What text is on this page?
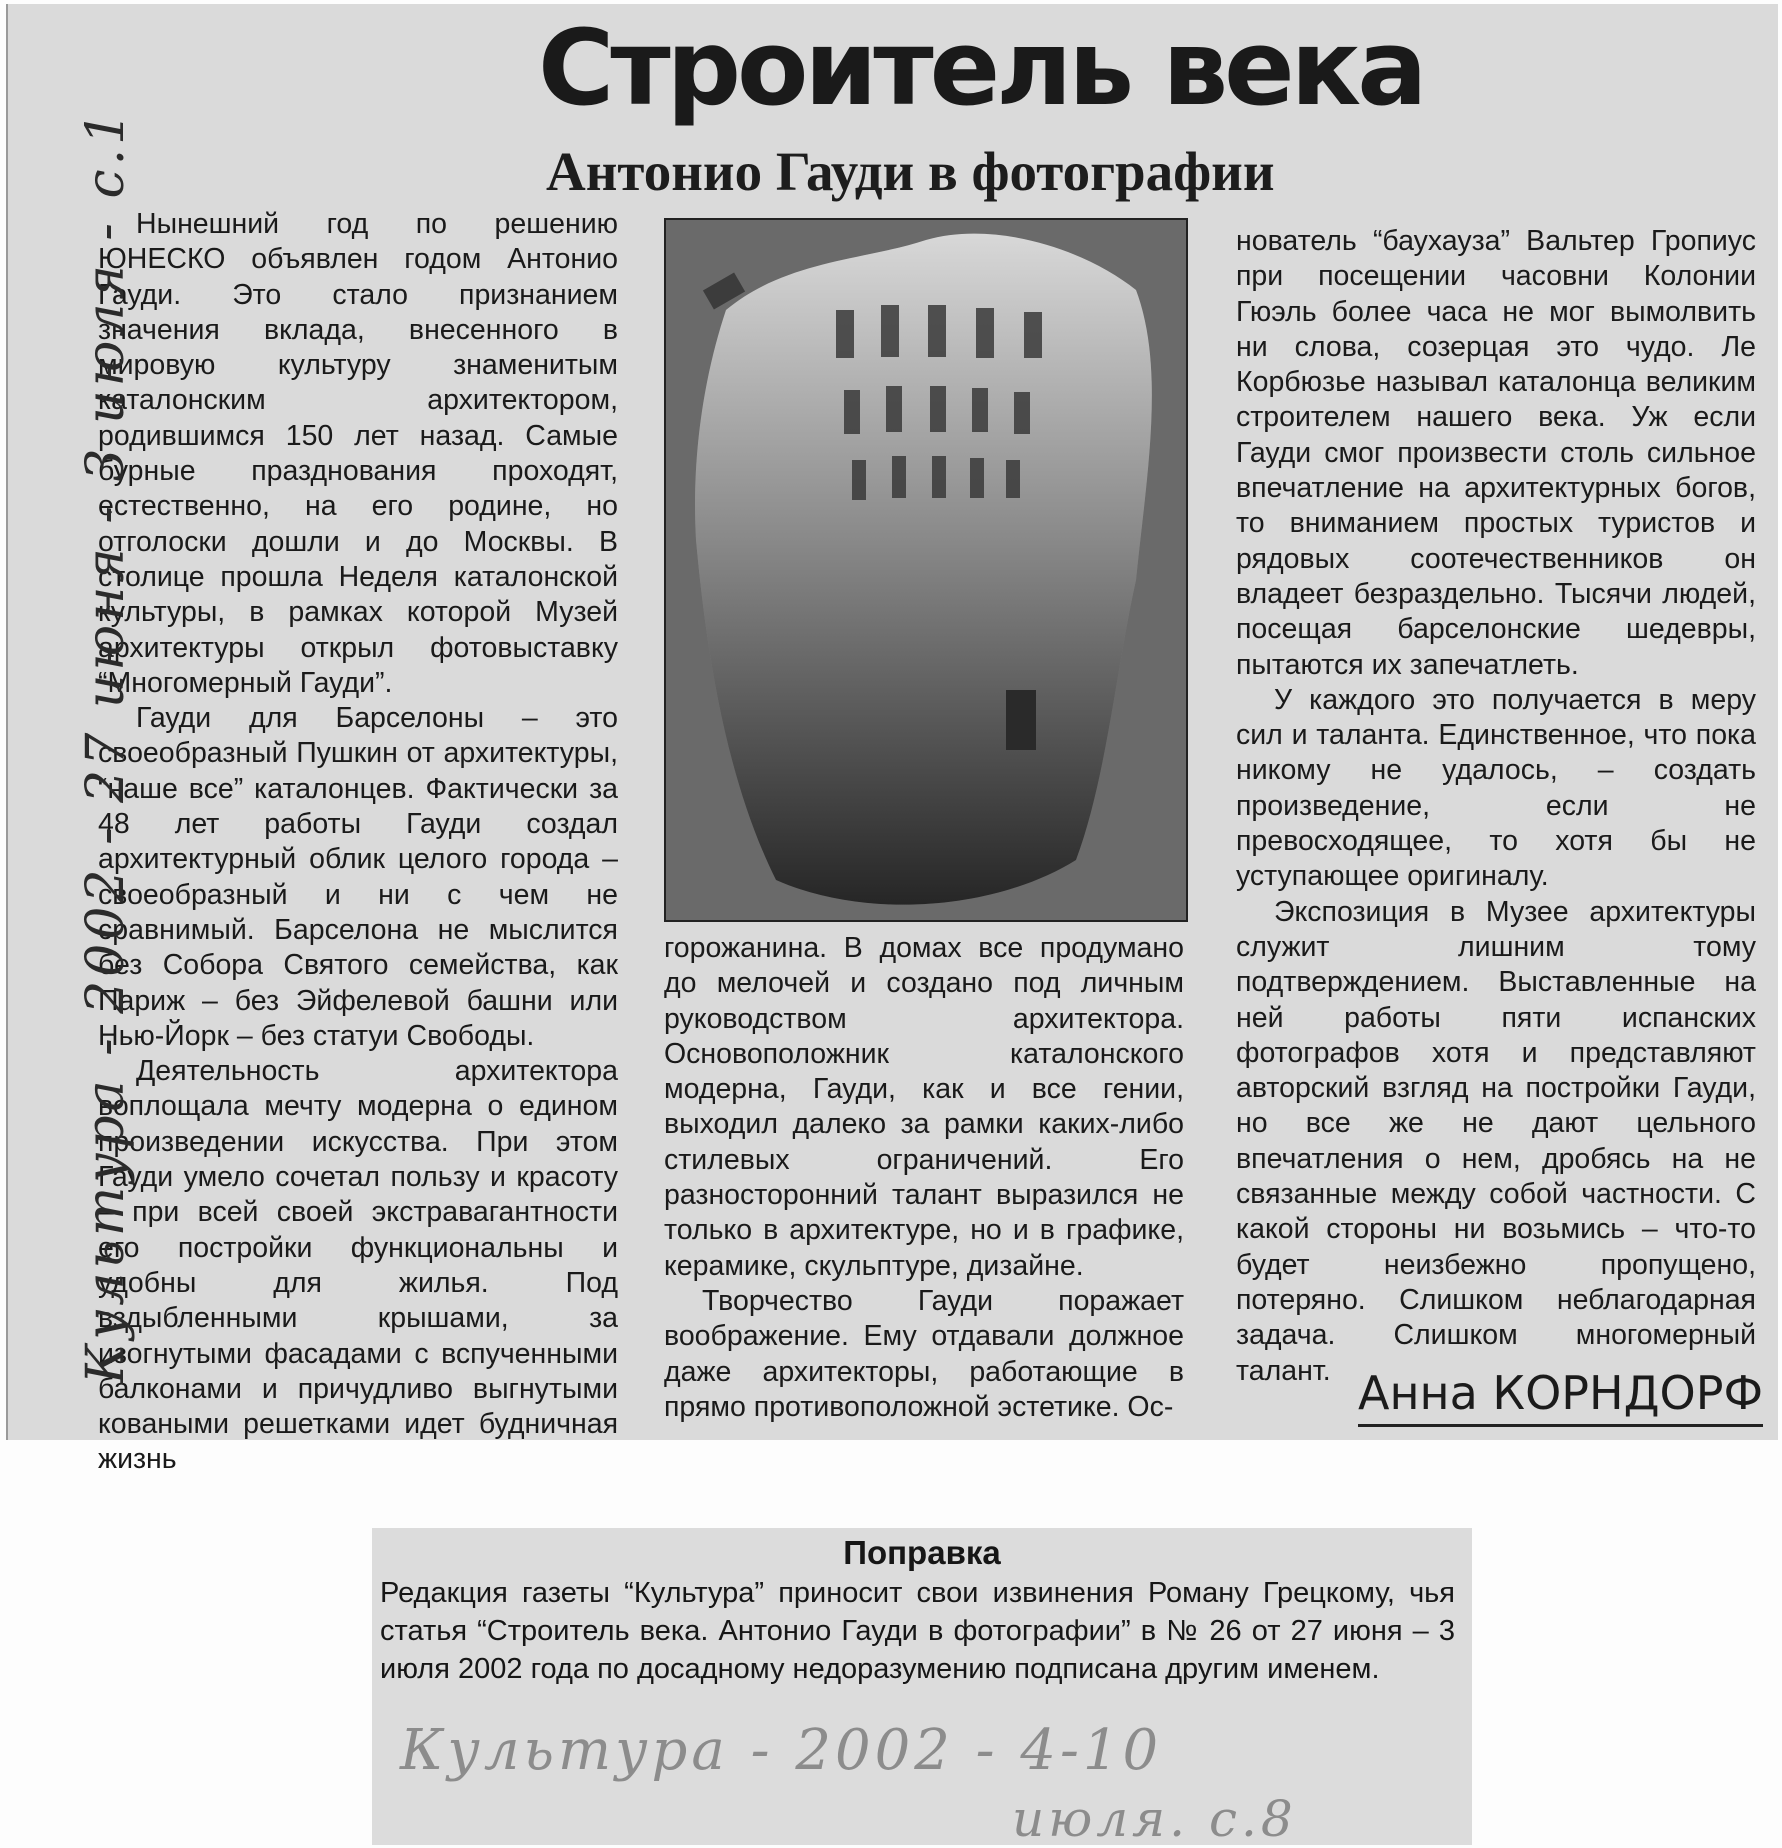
Строитель века
Антонио Гауди в фотографии

Нынешний год по решению ЮНЕСКО объявлен годом Антонио Гауди. Это стало признанием значения вклада, внесенного в мировую культуру знаменитым каталонским архитектором, родившимся 150 лет назад. Самые бурные празднования проходят, естественно, на его родине, но отголоски дошли и до Москвы. В столице прошла Неделя каталонской культуры, в рамках которой Музей архитектуры открыл фотовыставку “Многомерный Гауди”.

Гауди для Барселоны – это своеобразный Пушкин от архитектуры, “наше все” каталонцев. Фактически за 48 лет работы Гауди создал архитектурный облик целого города – своеобразный и ни с чем не сравнимый. Барселона не мыслится без Собора Святого семейства, как Париж – без Эйфелевой башни или Нью-Йорк – без статуи Свободы.

Деятельность архитектора воплощала мечту модерна о едином произведении искусства. При этом Гауди умело сочетал пользу и красоту – при всей своей экстравагантности его постройки функциональны и удобны для жилья. Под вздыбленными крышами, за изогнутыми фасадами с вспученными балконами и причудливо выгнутыми коваными решетками идет будничная жизнь

горожанина. В домах все продумано до мелочей и создано под личным руководством архитектора. Основоположник каталонского модерна, Гауди, как и все гении, выходил далеко за рамки каких-либо стилевых ограничений. Его разносторонний талант выразился не только в архитектуре, но и в графике, керамике, скульптуре, дизайне.

Творчество Гауди поражает воображение. Ему отдавали должное даже архитекторы, работающие в прямо противоположной эстетике. Ос-

нователь “баухауза” Вальтер Гропиус при посещении часовни Колонии Гюэль более часа не мог вымолвить ни слова, созерцая это чудо. Ле Корбюзье называл каталонца великим строителем нашего века. Уж если Гауди смог произвести столь сильное впечатление на архитектурных богов, то вниманием простых туристов и рядовых соотечественников он владеет безраздельно. Тысячи людей, посещая барселонские шедевры, пытаются их запечатлеть.

У каждого это получается в меру сил и таланта. Единственное, что пока никому не удалось, – создать произведение, если не превосходящее, то хотя бы не уступающее оригиналу.

Экспозиция в Музее архитектуры служит лишним тому подтверждением. Выставленные на ней работы пяти испанских фотографов хотя и представляют авторский взгляд на постройки Гауди, но все же не дают цельного впечатления о нем, дробясь на не связанные между собой частности. С какой стороны ни возьмись – что-то будет неизбежно пропущено, потеряно. Слишком неблагодарная задача. Слишком многомерный талант.

Культура - 2002 - 27 июня - 3 июля - с.1
Анна КОРНДОРФ
Поправка

Редакция газеты “Культура” приносит свои извинения Роману Грецкому, чья статья “Строитель века. Антонио Гауди в фотографии” в № 26 от 27 июня – 3 июля 2002 года по досадному недоразумению подписана другим именем.

Культура - 2002 - 4-10
июля. с.8
